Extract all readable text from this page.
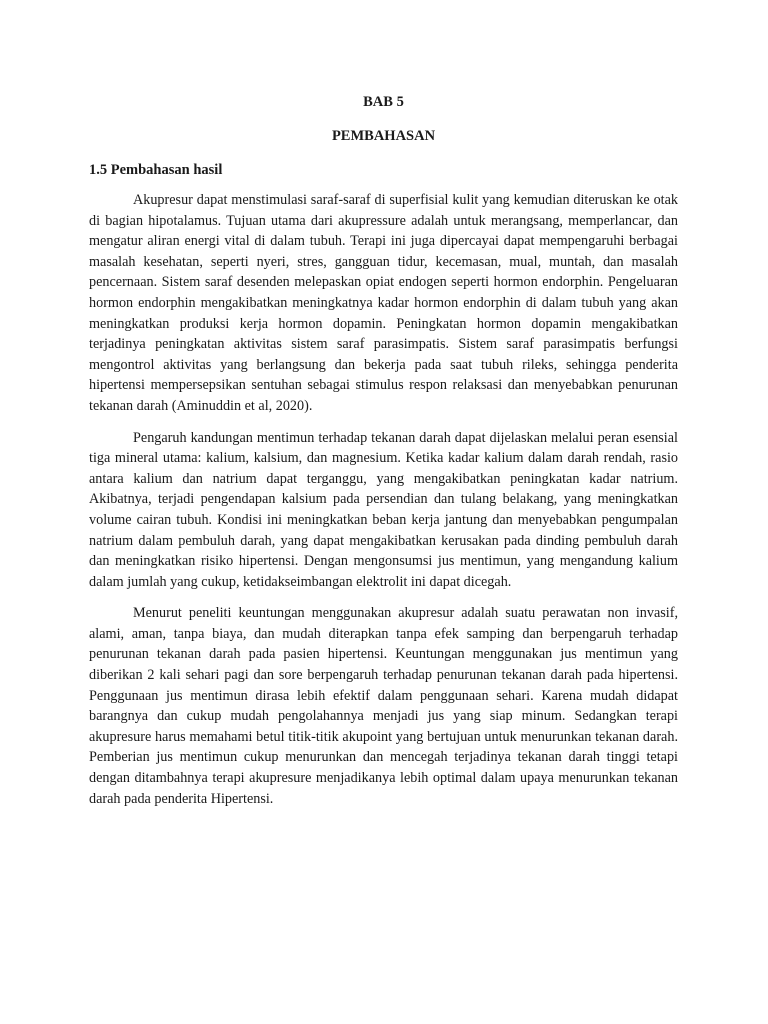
BAB 5

PEMBAHASAN

1.5 Pembahasan hasil

Akupresur dapat menstimulasi saraf-saraf di superfisial kulit yang kemudian diteruskan ke otak di bagian hipotalamus. Tujuan utama dari akupressure adalah untuk merangsang, memperlancar, dan mengatur aliran energi vital di dalam tubuh. Terapi ini juga dipercayai dapat mempengaruhi berbagai masalah kesehatan, seperti nyeri, stres, gangguan tidur, kecemasan, mual, muntah, dan masalah pencernaan. Sistem saraf desenden melepaskan opiat endogen seperti hormon endorphin. Pengeluaran hormon endorphin mengakibatkan meningkatnya kadar hormon endorphin di dalam tubuh yang akan meningkatkan produksi kerja hormon dopamin. Peningkatan hormon dopamin mengakibatkan terjadinya peningkatan aktivitas sistem saraf parasimpatis. Sistem saraf parasimpatis berfungsi mengontrol aktivitas yang berlangsung dan bekerja pada saat tubuh rileks, sehingga penderita hipertensi mempersepsikan sentuhan sebagai stimulus respon relaksasi dan menyebabkan penurunan tekanan darah (Aminuddin et al, 2020).

Pengaruh kandungan mentimun terhadap tekanan darah dapat dijelaskan melalui peran esensial tiga mineral utama: kalium, kalsium, dan magnesium. Ketika kadar kalium dalam darah rendah, rasio antara kalium dan natrium dapat terganggu, yang mengakibatkan peningkatan kadar natrium. Akibatnya, terjadi pengendapan kalsium pada persendian dan tulang belakang, yang meningkatkan volume cairan tubuh. Kondisi ini meningkatkan beban kerja jantung dan menyebabkan pengumpalan natrium dalam pembuluh darah, yang dapat mengakibatkan kerusakan pada dinding pembuluh darah dan meningkatkan risiko hipertensi. Dengan mengonsumsi jus mentimun, yang mengandung kalium dalam jumlah yang cukup, ketidakseimbangan elektrolit ini dapat dicegah.

Menurut peneliti keuntungan menggunakan akupresur adalah suatu perawatan non invasif, alami, aman, tanpa biaya, dan mudah diterapkan tanpa efek samping dan berpengaruh terhadap penurunan tekanan darah pada pasien hipertensi. Keuntungan menggunakan jus mentimun yang diberikan 2 kali sehari pagi dan sore berpengaruh terhadap penurunan tekanan darah pada hipertensi. Penggunaan jus mentimun dirasa lebih efektif dalam penggunaan sehari. Karena mudah didapat barangnya dan cukup mudah pengolahannya menjadi jus yang siap minum. Sedangkan terapi akupresure harus memahami betul titik-titik akupoint yang bertujuan untuk menurunkan tekanan darah. Pemberian jus mentimun cukup menurunkan dan mencegah terjadinya tekanan darah tinggi tetapi dengan ditambahnya terapi akupresure menjadikanya lebih optimal dalam upaya menurunkan tekanan darah pada penderita Hipertensi.
